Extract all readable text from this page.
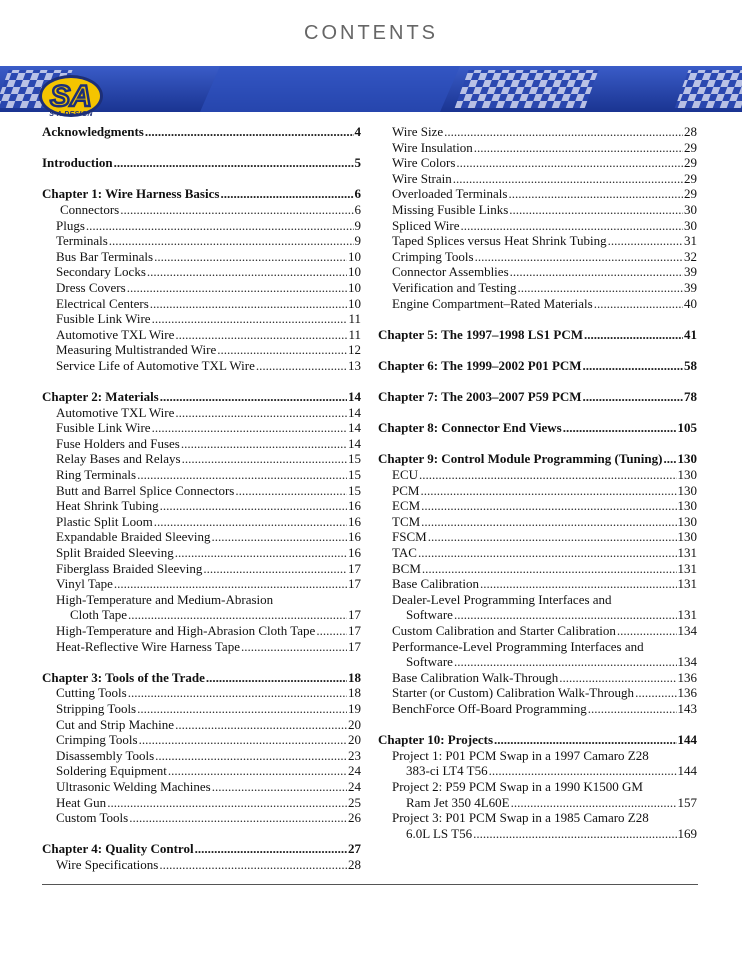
CONTENTS
SA
S-A DESIGN
Acknowledgments .....	4
Introduction .....	5
Chapter 1: Wire Harness Basics .....	6
Connectors .....	6
Plugs .....	9
Terminals .....	9
Bus Bar Terminals .....	10
Secondary Locks .....	10
Dress Covers .....	10
Electrical Centers .....	10
Fusible Link Wire .....	11
Automotive TXL Wire .....	11
Measuring Multistranded Wire .....	12
Service Life of Automotive TXL Wire .....	13
Chapter 2: Materials .....	14
Automotive TXL Wire .....	14
Fusible Link Wire .....	14
Fuse Holders and Fuses .....	14
Relay Bases and Relays .....	15
Ring Terminals .....	15
Butt and Barrel Splice Connectors .....	15
Heat Shrink Tubing .....	16
Plastic Split Loom .....	16
Expandable Braided Sleeving .....	16
Split Braided Sleeving .....	16
Fiberglass Braided Sleeving .....	17
Vinyl Tape .....	17
High-Temperature and Medium-Abrasion
Cloth Tape .....	17
High-Temperature and High-Abrasion Cloth Tape .....	17
Heat-Reflective Wire Harness Tape .....	17
Chapter 3: Tools of the Trade .....	18
Cutting Tools .....	18
Stripping Tools .....	19
Cut and Strip Machine .....	20
Crimping Tools .....	20
Disassembly Tools .....	23
Soldering Equipment .....	24
Ultrasonic Welding Machines .....	24
Heat Gun .....	25
Custom Tools .....	26
Chapter 4: Quality Control .....	27
Wire Specifications .....	28
Wire Size .....	28
Wire Insulation .....	29
Wire Colors .....	29
Wire Strain .....	29
Overloaded Terminals .....	29
Missing Fusible Links .....	30
Spliced Wire .....	30
Taped Splices versus Heat Shrink Tubing .....	31
Crimping Tools .....	32
Connector Assemblies .....	39
Verification and Testing .....	39
Engine Compartment–Rated Materials .....	40
Chapter 5: The 1997–1998 LS1 PCM .....	41
Chapter 6: The 1999–2002 P01 PCM .....	58
Chapter 7: The 2003–2007 P59 PCM .....	78
Chapter 8: Connector End Views .....	105
Chapter 9: Control Module Programming (Tuning) ..... 130
ECU .....	130
PCM .....	130
ECM .....	130
TCM .....	130
FSCM .....	130
TAC .....	131
BCM .....	131
Base Calibration .....	131
Dealer-Level Programming Interfaces and
Software .....	131
Custom Calibration and Starter Calibration .....	134
Performance-Level Programming Interfaces and
Software .....	134
Base Calibration Walk-Through .....	136
Starter (or Custom) Calibration Walk-Through .....	136
BenchForce Off-Board Programming .....	143
Chapter 10: Projects .....	144
Project 1: P01 PCM Swap in a 1997 Camaro Z28
383-ci LT4 T56 .....	144
Project 2: P59 PCM Swap in a 1990 K1500 GM
Ram Jet 350 4L60E .....	157
Project 3: P01 PCM Swap in a 1985 Camaro Z28
6.0L LS T56 .....	169
